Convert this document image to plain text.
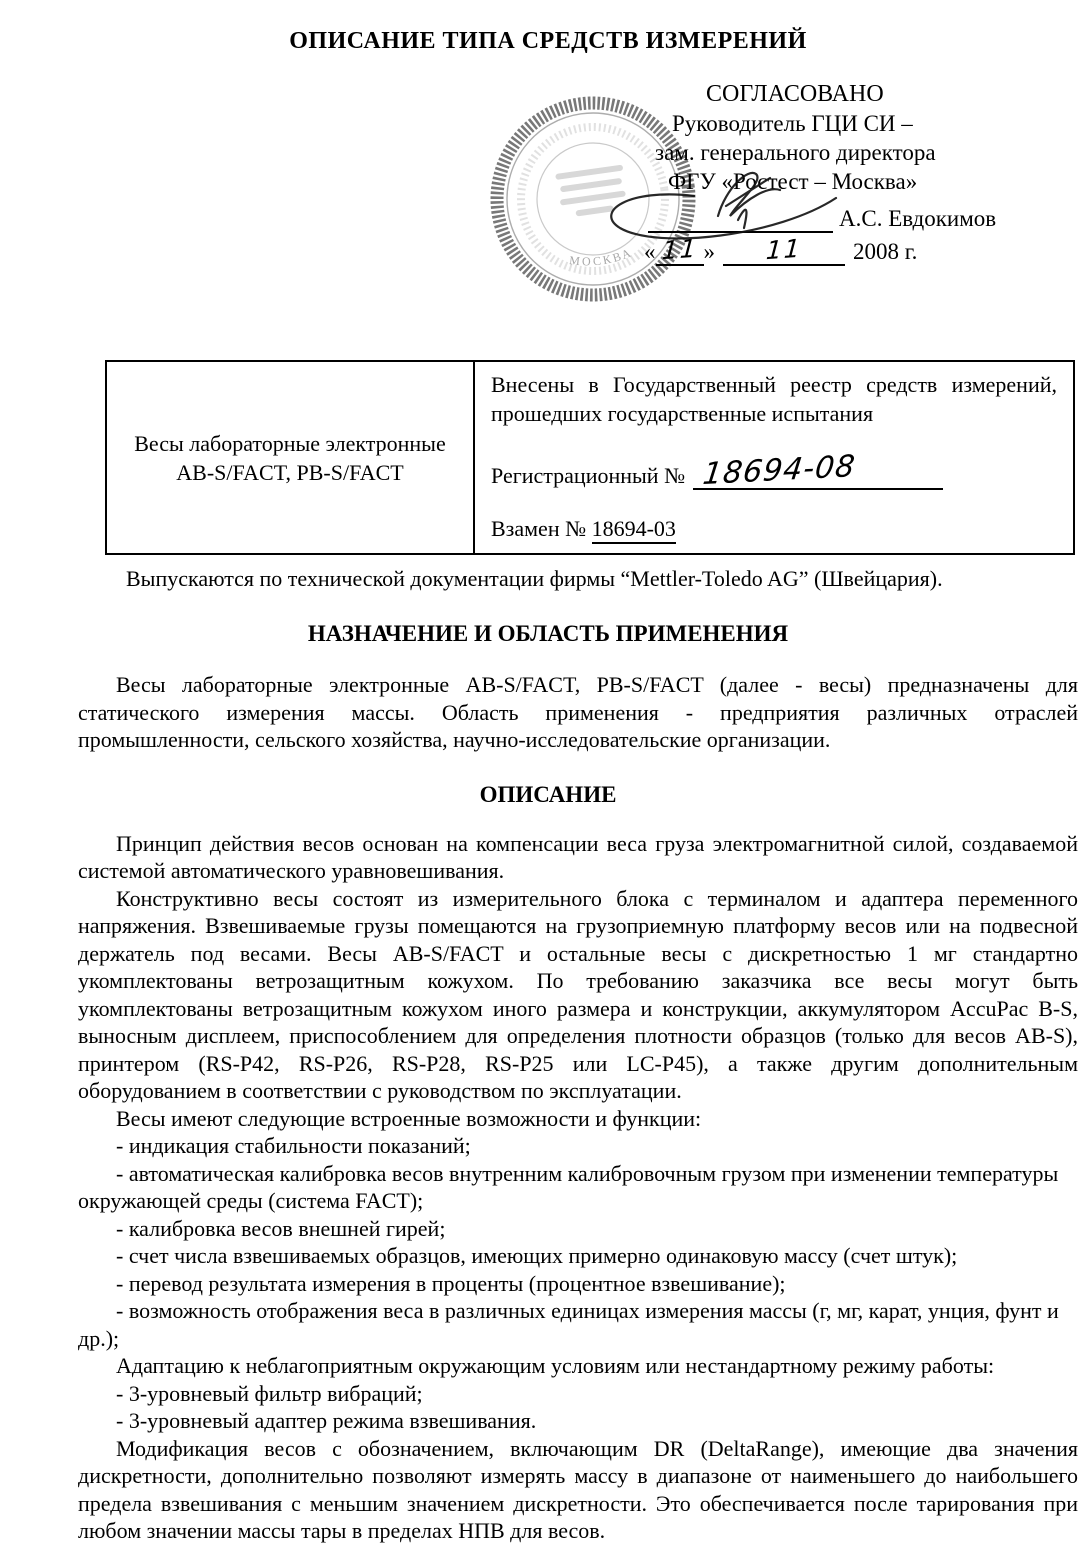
ОПИСАНИЕ ТИПА СРЕДСТВ ИЗМЕРЕНИЙ
МОСКВА
СОГЛАСОВАНО
Руководитель ГЦИ СИ –
зам. генерального директора
ФГУ «Ростест – Москва»
А.С. Евдокимов
« 11 »	11	2008 г.
Весы лабораторные электронные
AB-S/FACT, PB-S/FACT

Внесены в Государственный реестр средств измерений, прошедших государственные испытания

Регистрационный № 18694-08
Взамен № 18694-03

Выпускаются по технической документации фирмы “Mettler-Toledo AG” (Швейцария).

НАЗНАЧЕНИЕ И ОБЛАСТЬ ПРИМЕНЕНИЯ

Весы лабораторные электронные AB-S/FACT, PB-S/FACT (далее - весы) предназначены для статического измерения массы. Область применения - предприятия различных отраслей промышленности, сельского хозяйства, научно-исследовательские организации.

ОПИСАНИЕ

Принцип действия весов основан на компенсации веса груза электромагнитной силой, создаваемой системой автоматического уравновешивания.

Конструктивно весы состоят из измерительного блока с терминалом и адаптера переменного напряжения. Взвешиваемые грузы помещаются на грузоприемную платформу весов или на подвесной держатель под весами. Весы AB-S/FACT и остальные весы с дискретностью 1 мг стандартно укомплектованы ветрозащитным кожухом. По требованию заказчика все весы могут быть укомплектованы ветрозащитным кожухом иного размера и конструкции, аккумулятором AccuPac B-S, выносным дисплеем, приспособлением для определения плотности образцов (только для весов AB-S), принтером (RS-P42, RS-P26, RS-P28, RS-P25 или LC-P45), а также другим дополнительным оборудованием в соответствии с руководством по эксплуатации.

Весы имеют следующие встроенные возможности и функции:

- индикация стабильности показаний;

- автоматическая калибровка весов внутренним калибровочным грузом при изменении температуры окружающей среды (система FACT);

- калибровка весов внешней гирей;

- счет числа взвешиваемых образцов, имеющих примерно одинаковую массу (счет штук);

- перевод результата измерения в проценты (процентное взвешивание);

- возможность отображения веса в различных единицах измерения массы (г, мг, карат, унция, фунт и др.);

Адаптацию к неблагоприятным окружающим условиям или нестандартному режиму работы:

- 3-уровневый фильтр вибраций;

- 3-уровневый адаптер режима взвешивания.

Модификация весов с обозначением, включающим DR (DeltaRange), имеющие два значения дискретности, дополнительно позволяют измерять массу в диапазоне от наименьшего до наибольшего предела взвешивания с меньшим значением дискретности. Это обеспечивается после тарирования при любом значении массы тары в пределах НПВ для весов.
